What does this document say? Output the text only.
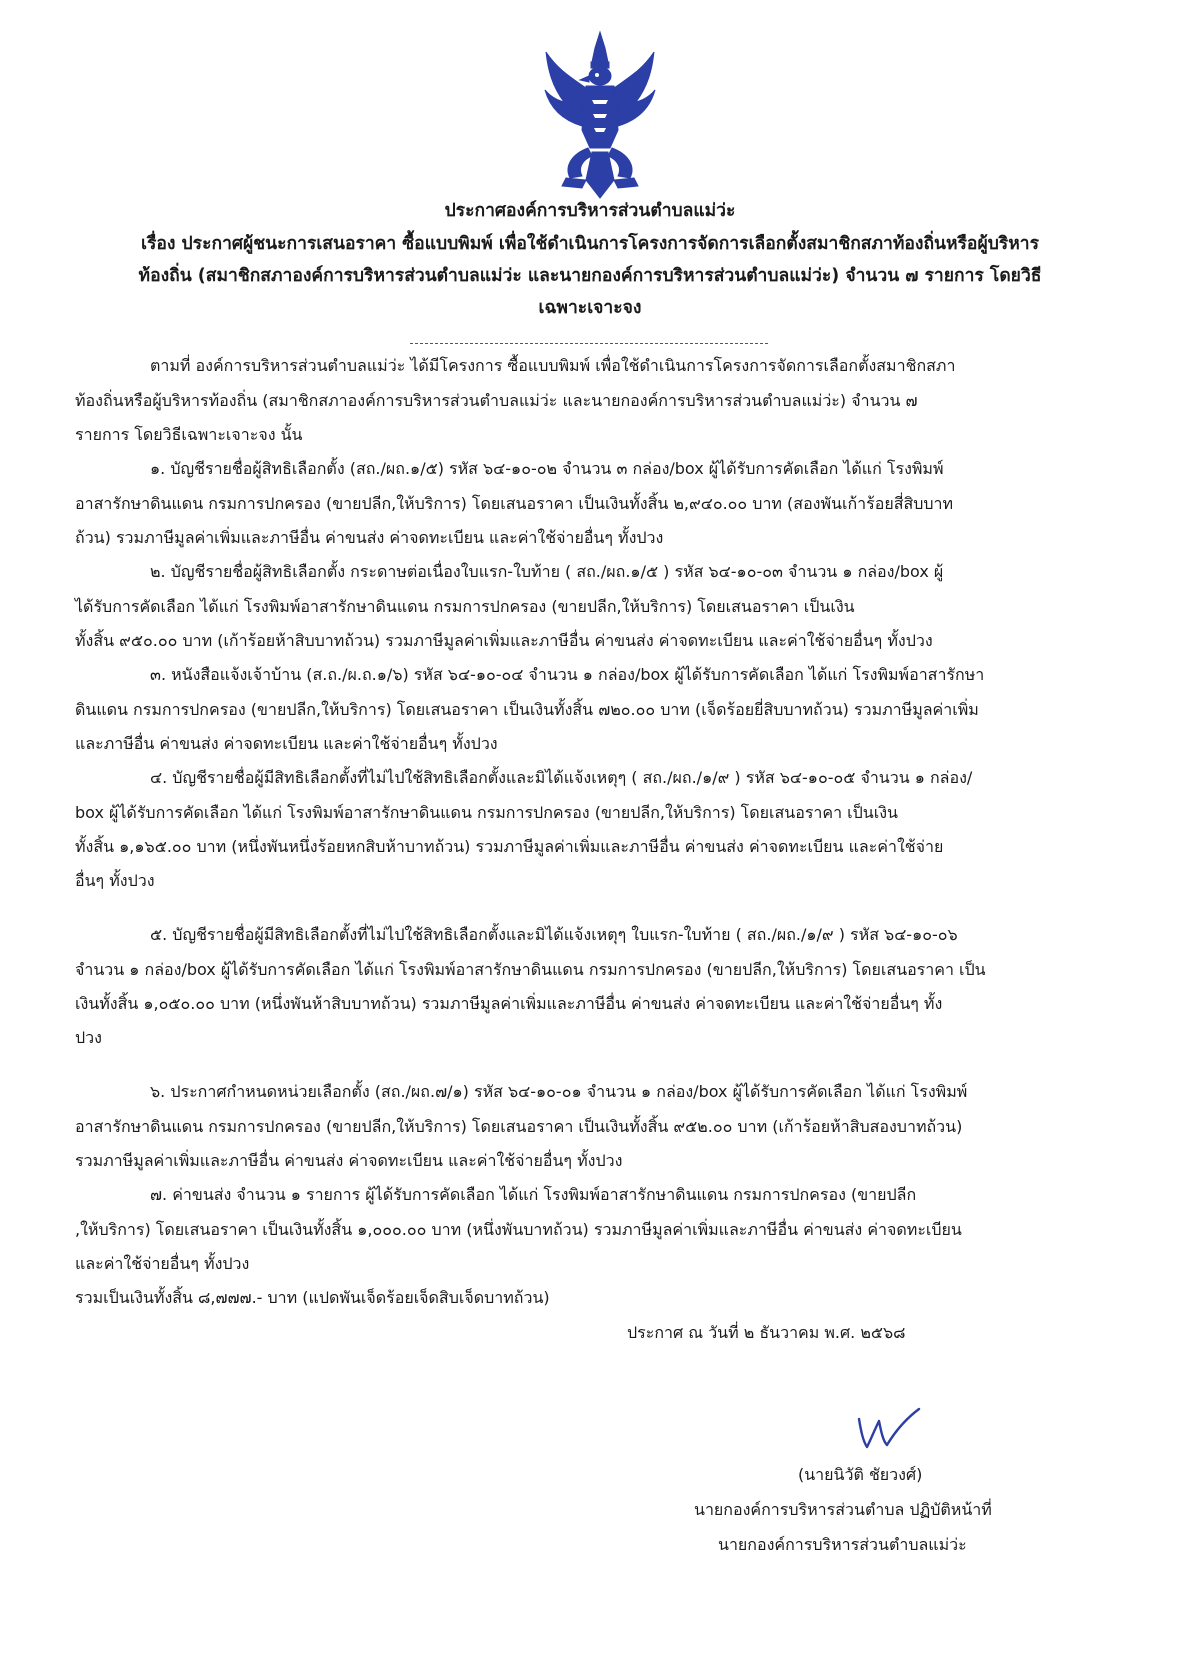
ประกาศองค์การบริหารส่วนตำบลแม่ว่ะ
เรื่อง ประกาศผู้ชนะการเสนอราคา ซื้อแบบพิมพ์ เพื่อใช้ดำเนินการโครงการจัดการเลือกตั้งสมาชิกสภาท้องถิ่นหรือผู้บริหาร
ท้องถิ่น (สมาชิกสภาองค์การบริหารส่วนตำบลแม่ว่ะ และนายกองค์การบริหารส่วนตำบลแม่ว่ะ) จำนวน ๗ รายการ โดยวิธี
เฉพาะเจาะจง
ตามที่ องค์การบริหารส่วนตำบลแม่ว่ะ ได้มีโครงการ ซื้อแบบพิมพ์ เพื่อใช้ดำเนินการโครงการจัดการเลือกตั้งสมาชิกสภา
ท้องถิ่นหรือผู้บริหารท้องถิ่น (สมาชิกสภาองค์การบริหารส่วนตำบลแม่ว่ะ และนายกองค์การบริหารส่วนตำบลแม่ว่ะ) จำนวน ๗
รายการ โดยวิธีเฉพาะเจาะจง นั้น
๑. บัญชีรายชื่อผู้สิทธิเลือกตั้ง (สถ./ผถ.๑/๕) รหัส ๖๔-๑๐-๐๒ จำนวน ๓ กล่อง/box ผู้ได้รับการคัดเลือก ได้แก่ โรงพิมพ์
อาสารักษาดินแดน กรมการปกครอง (ขายปลีก,ให้บริการ) โดยเสนอราคา เป็นเงินทั้งสิ้น ๒,๙๔๐.๐๐ บาท (สองพันเก้าร้อยสี่สิบบาท
ถ้วน) รวมภาษีมูลค่าเพิ่มและภาษีอื่น ค่าขนส่ง ค่าจดทะเบียน และค่าใช้จ่ายอื่นๆ ทั้งปวง
๒. บัญชีรายชื่อผู้สิทธิเลือกตั้ง กระดาษต่อเนื่องใบแรก-ใบท้าย ( สถ./ผถ.๑/๕ ) รหัส ๖๔-๑๐-๐๓ จำนวน ๑ กล่อง/box ผู้
ได้รับการคัดเลือก ได้แก่ โรงพิมพ์อาสารักษาดินแดน กรมการปกครอง (ขายปลีก,ให้บริการ) โดยเสนอราคา เป็นเงิน
ทั้งสิ้น ๙๕๐.๐๐ บาท (เก้าร้อยห้าสิบบาทถ้วน) รวมภาษีมูลค่าเพิ่มและภาษีอื่น ค่าขนส่ง ค่าจดทะเบียน และค่าใช้จ่ายอื่นๆ ทั้งปวง
๓. หนังสือแจ้งเจ้าบ้าน (ส.ถ./ผ.ถ.๑/๖) รหัส ๖๔-๑๐-๐๔ จำนวน ๑ กล่อง/box ผู้ได้รับการคัดเลือก ได้แก่ โรงพิมพ์อาสารักษา
ดินแดน กรมการปกครอง (ขายปลีก,ให้บริการ) โดยเสนอราคา เป็นเงินทั้งสิ้น ๗๒๐.๐๐ บาท (เจ็ดร้อยยี่สิบบาทถ้วน) รวมภาษีมูลค่าเพิ่ม
และภาษีอื่น ค่าขนส่ง ค่าจดทะเบียน และค่าใช้จ่ายอื่นๆ ทั้งปวง
๔. บัญชีรายชื่อผู้มีสิทธิเลือกตั้งที่ไม่ไปใช้สิทธิเลือกตั้งและมิได้แจ้งเหตุๆ ( สถ./ผถ./๑/๙ ) รหัส ๖๔-๑๐-๐๕ จำนวน ๑ กล่อง/
box ผู้ได้รับการคัดเลือก ได้แก่ โรงพิมพ์อาสารักษาดินแดน กรมการปกครอง (ขายปลีก,ให้บริการ) โดยเสนอราคา เป็นเงิน
ทั้งสิ้น ๑,๑๖๕.๐๐ บาท (หนึ่งพันหนึ่งร้อยหกสิบห้าบาทถ้วน) รวมภาษีมูลค่าเพิ่มและภาษีอื่น ค่าขนส่ง ค่าจดทะเบียน และค่าใช้จ่าย
อื่นๆ ทั้งปวง
๕. บัญชีรายชื่อผู้มีสิทธิเลือกตั้งที่ไม่ไปใช้สิทธิเลือกตั้งและมิได้แจ้งเหตุๆ ใบแรก-ใบท้าย ( สถ./ผถ./๑/๙ ) รหัส ๖๔-๑๐-๐๖
จำนวน ๑ กล่อง/box ผู้ได้รับการคัดเลือก ได้แก่ โรงพิมพ์อาสารักษาดินแดน กรมการปกครอง (ขายปลีก,ให้บริการ) โดยเสนอราคา เป็น
เงินทั้งสิ้น ๑,๐๕๐.๐๐ บาท (หนึ่งพันห้าสิบบาทถ้วน) รวมภาษีมูลค่าเพิ่มและภาษีอื่น ค่าขนส่ง ค่าจดทะเบียน และค่าใช้จ่ายอื่นๆ ทั้ง
ปวง
๖. ประกาศกำหนดหน่วยเลือกตั้ง (สถ./ผถ.๗/๑) รหัส ๖๔-๑๐-๐๑ จำนวน ๑ กล่อง/box ผู้ได้รับการคัดเลือก ได้แก่ โรงพิมพ์
อาสารักษาดินแดน กรมการปกครอง (ขายปลีก,ให้บริการ) โดยเสนอราคา เป็นเงินทั้งสิ้น ๙๕๒.๐๐ บาท (เก้าร้อยห้าสิบสองบาทถ้วน)
รวมภาษีมูลค่าเพิ่มและภาษีอื่น ค่าขนส่ง ค่าจดทะเบียน และค่าใช้จ่ายอื่นๆ ทั้งปวง
๗. ค่าขนส่ง จำนวน ๑ รายการ ผู้ได้รับการคัดเลือก ได้แก่ โรงพิมพ์อาสารักษาดินแดน กรมการปกครอง (ขายปลีก
,ให้บริการ) โดยเสนอราคา เป็นเงินทั้งสิ้น ๑,๐๐๐.๐๐ บาท (หนึ่งพันบาทถ้วน) รวมภาษีมูลค่าเพิ่มและภาษีอื่น ค่าขนส่ง ค่าจดทะเบียน
และค่าใช้จ่ายอื่นๆ ทั้งปวง
รวมเป็นเงินทั้งสิ้น ๘,๗๗๗.- บาท (แปดพันเจ็ดร้อยเจ็ดสิบเจ็ดบาทถ้วน)
ประกาศ ณ วันที่ ๒ ธันวาคม พ.ศ. ๒๕๖๘
(นายนิวัติ ชัยวงศ์)
นายกองค์การบริหารส่วนตำบล ปฏิบัติหน้าที่
นายกองค์การบริหารส่วนตำบลแม่ว่ะ
